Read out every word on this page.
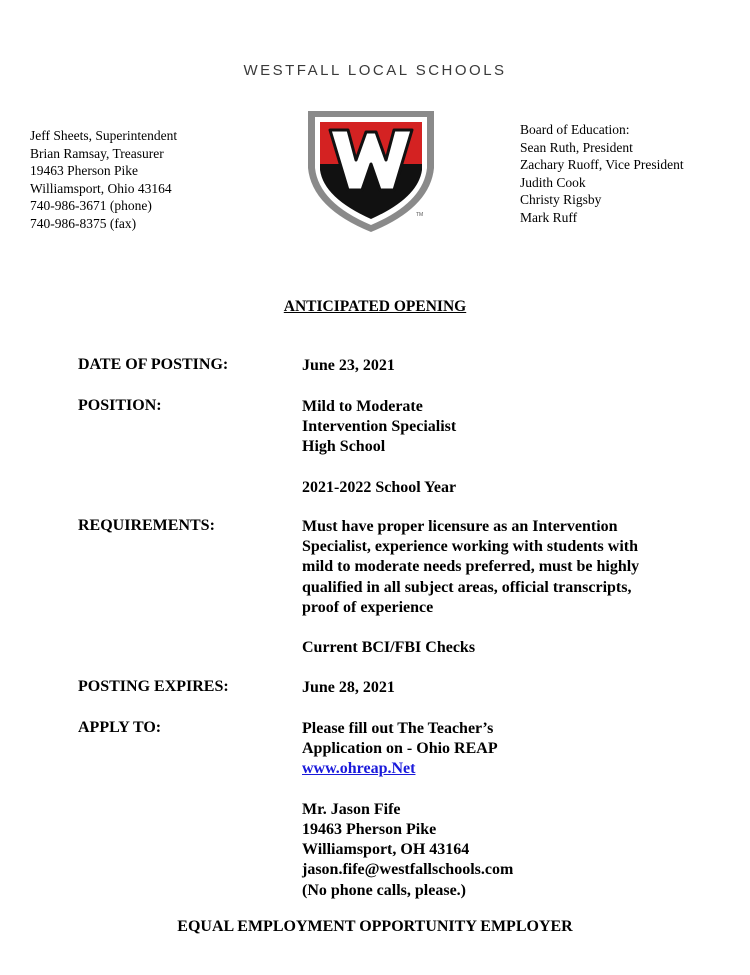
WESTFALL LOCAL SCHOOLS
Jeff Sheets, Superintendent
Brian Ramsay, Treasurer
19463 Pherson Pike
Williamsport, Ohio 43164
740-986-3671 (phone)
740-986-8375 (fax)
TM
Board of Education:
Sean Ruth, President
Zachary Ruoff, Vice President
Judith Cook
Christy Rigsby
Mark Ruff
ANTICIPATED OPENING
DATE OF POSTING:	June 23, 2021

POSITION:	Mild to Moderate

Intervention Specialist

High School

2021-2022 School Year

REQUIREMENTS:	Must have proper licensure as an Intervention

Specialist, experience working with students with

mild to moderate needs preferred, must be highly

qualified in all subject areas, official transcripts,

proof of experience

Current BCI/FBI Checks

POSTING EXPIRES:	June 28, 2021

APPLY TO:	Please fill out The Teacher’s

Application on - Ohio REAP

www.ohreap.Net

Mr. Jason Fife

19463 Pherson Pike

Williamsport, OH 43164

jason.fife@westfallschools.com

(No phone calls, please.)

EQUAL EMPLOYMENT OPPORTUNITY EMPLOYER
